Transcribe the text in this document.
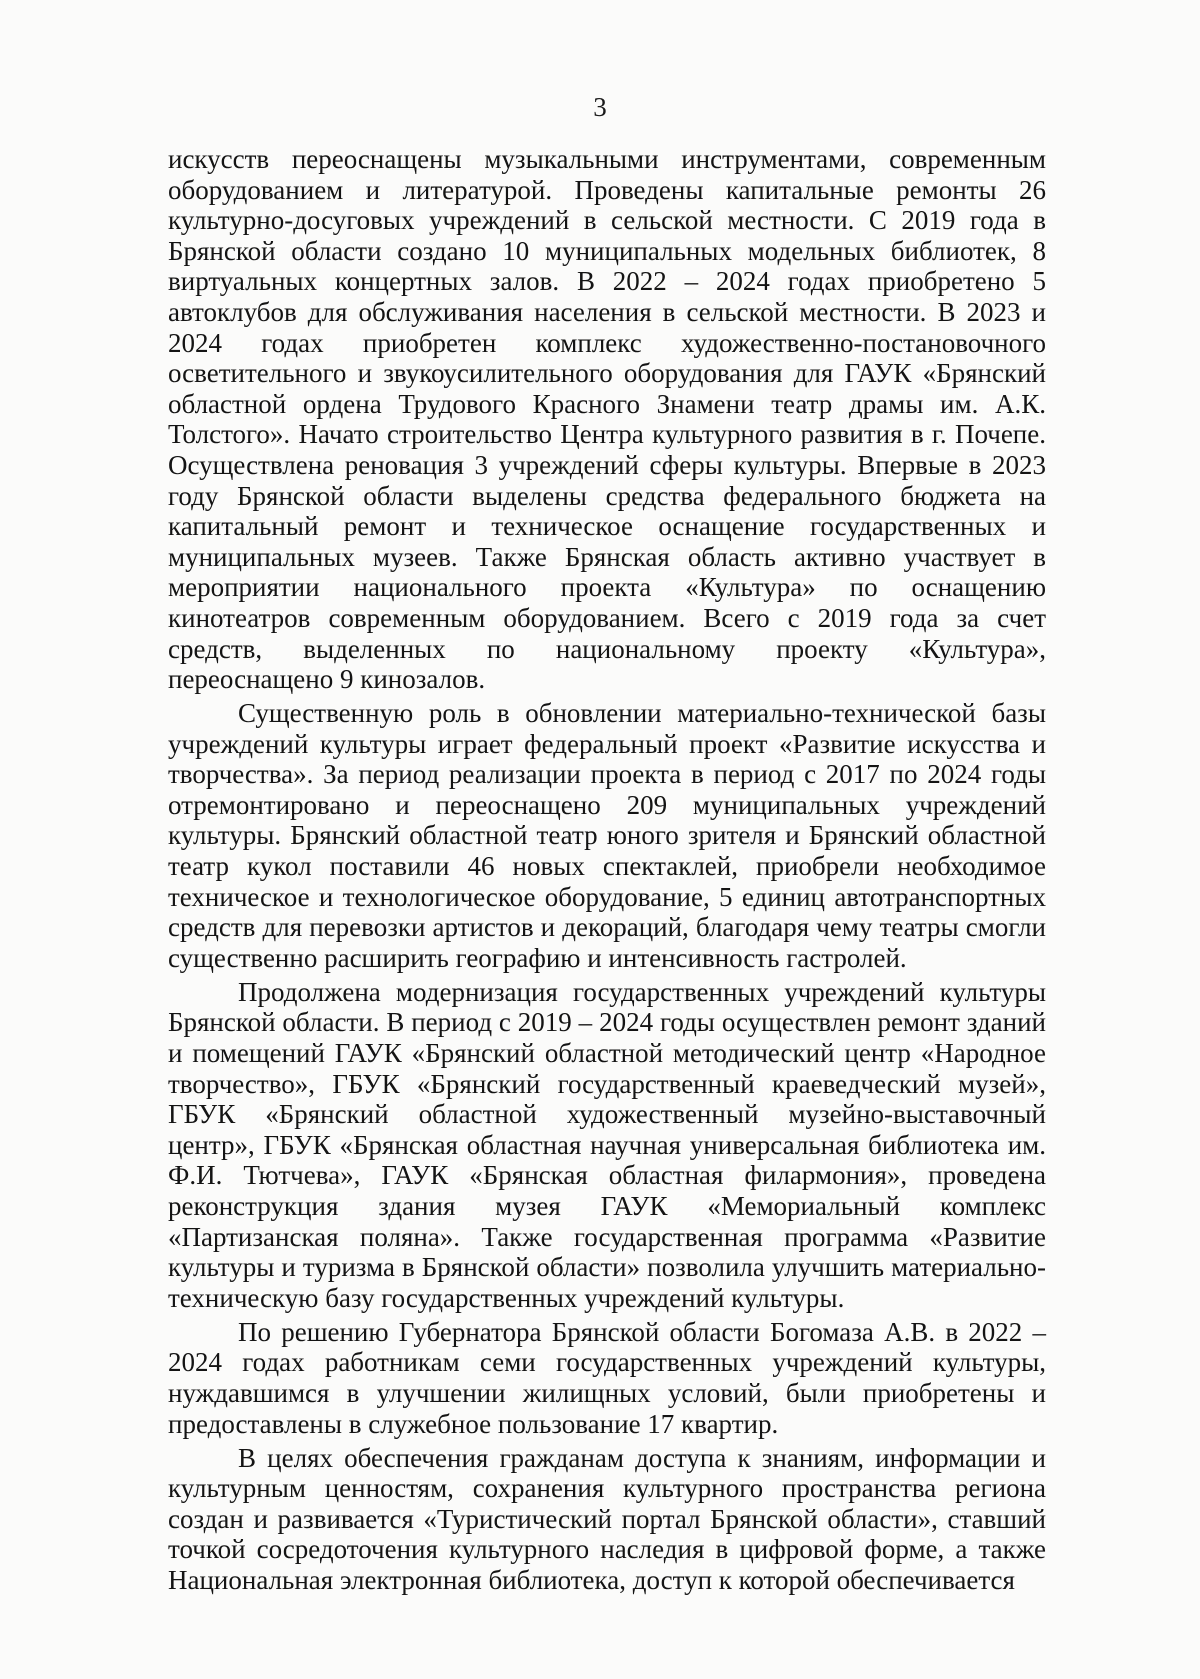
3

искусств переоснащены музыкальными инструментами, современным оборудованием и литературой. Проведены капитальные ремонты 26 культурно-досуговых учреждений в сельской местности. С 2019 года в Брянской области создано 10 муниципальных модельных библиотек, 8 виртуальных концертных залов. В 2022 – 2024 годах приобретено 5 автоклубов для обслуживания населения в сельской местности. В 2023 и 2024 годах приобретен комплекс художественно-постановочного осветительного и звукоусилительного оборудования для ГАУК «Брянский областной ордена Трудового Красного Знамени театр драмы им. А.К. Толстого». Начато строительство Центра культурного развития в г. Почепе. Осуществлена реновация 3 учреждений сферы культуры. Впервые в 2023 году Брянской области выделены средства федерального бюджета на капитальный ремонт и техническое оснащение государственных и муниципальных музеев. Также Брянская область активно участвует в мероприятии национального проекта «Культура» по оснащению кинотеатров современным оборудованием. Всего с 2019 года за счет средств, выделенных по национальному проекту «Культура», переоснащено 9 кинозалов.

Существенную роль в обновлении материально-технической базы учреждений культуры играет федеральный проект «Развитие искусства и творчества». За период реализации проекта в период с 2017 по 2024 годы отремонтировано и переоснащено 209 муниципальных учреждений культуры. Брянский областной театр юного зрителя и Брянский областной театр кукол поставили 46 новых спектаклей, приобрели необходимое техническое и технологическое оборудование, 5 единиц автотранспортных средств для перевозки артистов и декораций, благодаря чему театры смогли существенно расширить географию и интенсивность гастролей.

Продолжена модернизация государственных учреждений культуры Брянской области. В период с 2019 – 2024 годы осуществлен ремонт зданий и помещений ГАУК «Брянский областной методический центр «Народное творчество», ГБУК «Брянский государственный краеведческий музей», ГБУК «Брянский областной художественный музейно-выставочный центр», ГБУК «Брянская областная научная универсальная библиотека им. Ф.И. Тютчева», ГАУК «Брянская областная филармония», проведена реконструкция здания музея ГАУК «Мемориальный комплекс «Партизанская поляна». Также государственная программа «Развитие культуры и туризма в Брянской области» позволила улучшить материально-техническую базу государственных учреждений культуры.

По решению Губернатора Брянской области Богомаза А.В. в 2022 – 2024 годах работникам семи государственных учреждений культуры, нуждавшимся в улучшении жилищных условий, были приобретены и предоставлены в служебное пользование 17 квартир.

В целях обеспечения гражданам доступа к знаниям, информации и культурным ценностям, сохранения культурного пространства региона создан и развивается «Туристический портал Брянской области», ставший точкой сосредоточения культурного наследия в цифровой форме, а также Национальная электронная библиотека, доступ к которой обеспечивается
